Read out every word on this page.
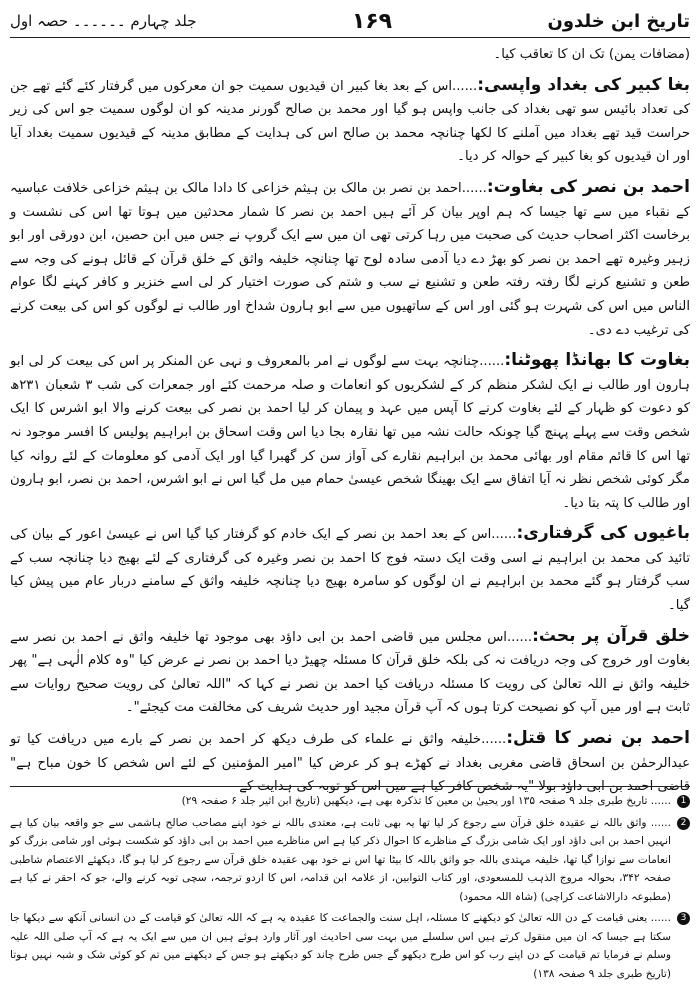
تاریخ ابن خلدون
۱۶۹
جلد چہارم ۔۔۔۔۔۔ حصہ اول

(مضافات یمن) تک ان کا تعاقب کیا۔

بغا کبیر کی بغداد واپسی:......اس کے بعد بغا کبیر ان قیدیوں سمیت جو ان معرکوں میں گرفتار کئے گئے تھے جن کی تعداد بائیس سو تھی بغداد کی جانب واپس ہو گیا اور محمد بن صالح گورنر مدینہ کو ان لوگوں سمیت جو اس کی زیر حراست قید تھے بغداد میں آملنے کا لکھا چنانچہ محمد بن صالح اس کی ہدایت کے مطابق مدینہ کے قیدیوں سمیت بغداد آیا اور ان قیدیوں کو بغا کبیر کے حوالہ کر دیا۔

احمد بن نصر کی بغاوت:......احمد بن نصر بن مالک بن ہیثم خزاعی کا دادا مالک بن ہیثم خزاعی خلافت عباسیہ کے نقباء میں سے تھا جیسا کہ ہم اوپر بیان کر آئے ہیں احمد بن نصر کا شمار محدثین میں ہوتا تھا اس کی نشست و برخاست اکثر اصحاب حدیث کی صحبت میں رہا کرتی تھی ان میں سے ایک گروپ نے جس میں ابن حصین، ابن دورقی اور ابو زہیر وغیرہ تھے احمد بن نصر کو بھڑ دے دیا آدمی سادہ لوح تھا چنانچہ خلیفہ واثق کے خلق قرآن کے قائل ہونے کی وجہ سے طعن و تشنیع کرنے لگا رفتہ رفتہ طعن و تشنیع نے سب و شتم کی صورت اختیار کر لی اسے خنزیر و کافر کہنے لگا عوام الناس میں اس کی شہرت ہو گئی اور اس کے ساتھیوں میں سے ابو ہارون شداخ اور طالب نے لوگوں کو اس کی بیعت کرنے کی ترغیب دے دی۔

بغاوت کا بھانڈا پھوٹنا:......چنانچہ بہت سے لوگوں نے امر بالمعروف و نہی عن المنکر پر اس کی بیعت کر لی ابو ہارون اور طالب نے ایک لشکر منظم کر کے لشکریوں کو انعامات و صلہ مرحمت کئے اور جمعرات کی شب ۳ شعبان ۲۳۱ھ کو دعوت کو ظہار کے لئے بغاوت کرنے کا آپس میں عہد و پیمان کر لیا احمد بن نصر کی بیعت کرنے والا ابو اشرس کا ایک شخص وقت سے پہلے پہنچ گیا چونکہ حالت نشہ میں تھا نقارہ بجا دیا اس وقت اسحاق بن ابراہیم پولیس کا افسر موجود نہ تھا اس کا قائم مقام اور بھائی محمد بن ابراہیم نقارے کی آواز سن کر گھبرا گیا اور ایک آدمی کو معلومات کے لئے روانہ کیا مگر کوئی شخص نظر نہ آیا اتفاق سے ایک بھینگا شخص عیسیٰ حمام میں مل گیا اس نے ابو اشرس، احمد بن نصر، ابو ہارون اور طالب کا پتہ بتا دیا۔

باغیوں کی گرفتاری:......اس کے بعد احمد بن نصر کے ایک خادم کو گرفتار کیا گیا اس نے عیسیٰ اعور کے بیان کی تائید کی محمد بن ابراہیم نے اسی وقت ایک دستہ فوج کا احمد بن نصر وغیرہ کی گرفتاری کے لئے بھیج دیا چنانچہ سب کے سب گرفتار ہو گئے محمد بن ابراہیم نے ان لوگوں کو سامرہ بھیج دیا چنانچہ خلیفہ واثق کے سامنے دربار عام میں پیش کیا گیا۔

خلق قرآن پر بحث:......اس مجلس میں قاضی احمد بن ابی داؤد بھی موجود تھا خلیفہ واثق نے احمد بن نصر سے بغاوت اور خروج کی وجہ دریافت نہ کی بلکہ خلق قرآن کا مسئلہ چھیڑ دیا احمد بن نصر نے عرض کیا "وہ کلام الٰہی ہے" پھر خلیفہ واثق نے اللہ تعالیٰ کی رویت کا مسئلہ دریافت کیا احمد بن نصر نے کہا کہ "اللہ تعالیٰ کی رویت صحیح روایات سے ثابت ہے اور میں آپ کو نصیحت کرتا ہوں کہ آپ قرآن مجید اور حدیث شریف کی مخالفت مت کیجئے"۔

احمد بن نصر کا قتل:......خلیفہ واثق نے علماء کی طرف دیکھ کر احمد بن نصر کے بارے میں دریافت کیا تو عبدالرحمٰن بن اسحاق قاضی مغربی بغداد نے کھڑے ہو کر عرض کیا "امیر المؤمنین کے لئے اس شخص کا خون مباح ہے" قاضی احمد بن ابی داؤد بولا "یہ شخص کافر کیا ہے میں اس کو توبہ کی ہدایت کے

1
...... تاریخ طبری جلد ۹ صفحہ ۱۳۵ اور یحییٰ بن معین کا تذکرہ بھی ہے، دیکھیں (تاریخ ابن اثیر جلد ۶ صفحہ ۲۹)
2
...... واثق باللہ نے عقیدہ خلق قرآن سے رجوع کر لیا تھا یہ بھی ثابت ہے، معتدی باللہ نے خود اپنے مصاحب صالح ہاشمی سے جو واقعہ بیان کیا ہے انہیں احمد بن ابی داؤد اور ایک شامی بزرگ کے مناظرے کا احوال ذکر کیا ہے اس مناظرے میں احمد بن ابی داؤد کو شکست ہوئی اور شامی بزرگ کو انعامات سے نوازا گیا تھا، خلیفہ مہتدی باللہ جو واثق باللہ کا بیٹا تھا اس نے خود بھی عقیدہ خلق قرآن سے رجوع کر لیا ہو گا، دیکھئے الاعتصام شاطبی صفحہ ۳۴۲، بحوالہ مروج الذہب للمسعودی، اور کتاب التوابین، از علامہ ابن قدامہ، اس کا اردو ترجمہ، سچی توبہ کرنے والے، جو کہ احقر نے کیا ہے (مطبوعہ دارالاشاعت کراچی) (شاہ اللہ محمود)
3
...... یعنی قیامت کے دن اللہ تعالیٰ کو دیکھنے کا مسئلہ، اہل سنت والجماعت کا عقیدہ یہ ہے کہ اللہ تعالیٰ کو قیامت کے دن انسانی آنکھ سے دیکھا جا سکتا ہے جیسا کہ ان میں منقول کرتے ہیں اس سلسلے میں بہت سی احادیث اور آثار وارد ہوئے ہیں ان میں سے ایک یہ ہے کہ آپ صلی اللہ علیہ وسلم نے فرمایا تم قیامت کے دن اپنے رب کو اس طرح دیکھو گے جس طرح چاند کو دیکھتے ہو جس کے دیکھنے میں تم کو کوئی شک و شبہ نہیں ہوتا (تاریخ طبری جلد ۹ صفحہ ۱۳۸)
